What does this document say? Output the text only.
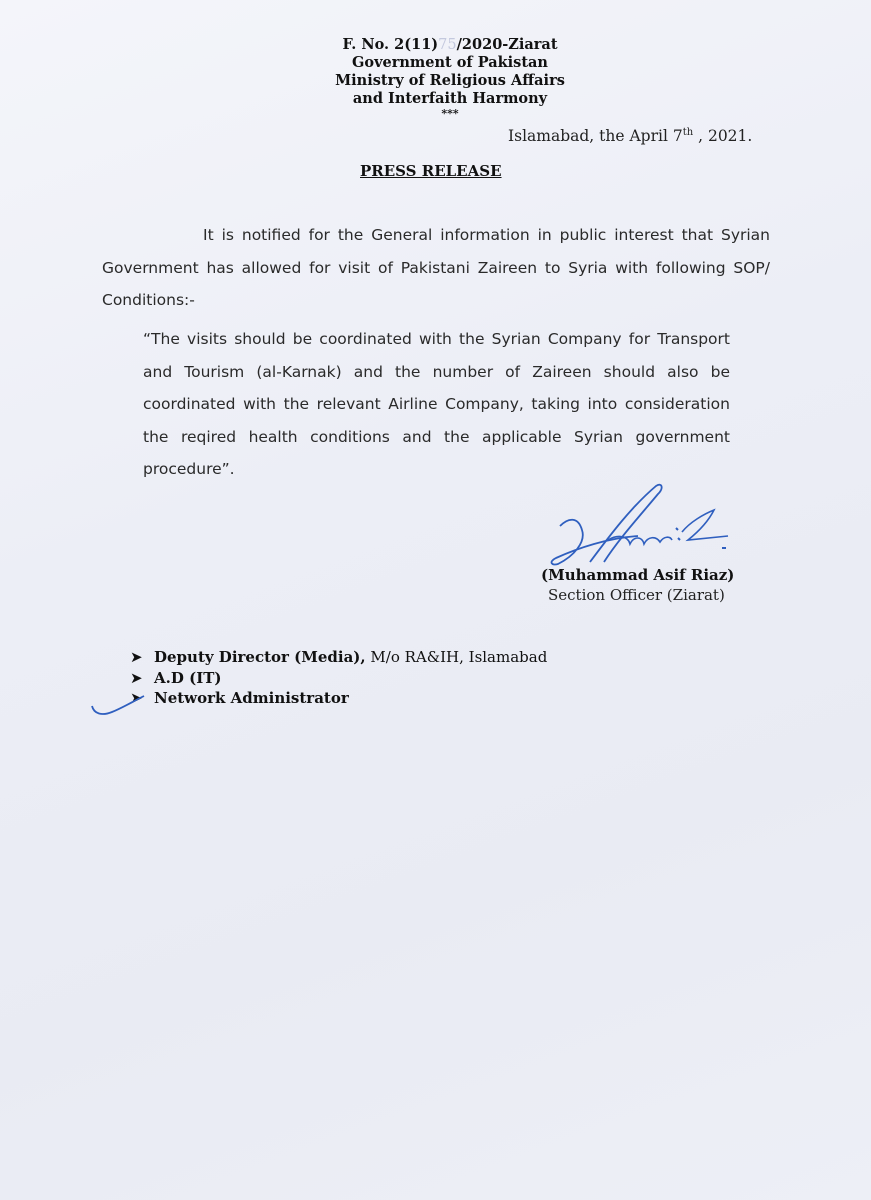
F. No. 2(11)75/2020-Ziarat
Government of Pakistan
Ministry of Religious Affairs
and Interfaith Harmony
***
Islamabad, the April 7th , 2021.
PRESS RELEASE
It is notified for the General information in public interest that Syrian Government has allowed for visit of Pakistani Zaireen to Syria with following SOP/ Conditions:-
“The visits should be coordinated with the Syrian Company for Transport and Tourism (al-Karnak) and the number of Zaireen should also be coordinated with the relevant Airline Company, taking into consideration the reqired health conditions and the applicable Syrian government procedure”.
(Muhammad Asif Riaz)
Section Officer (Ziarat)
➤ Deputy Director (Media), M/o RA&IH, Islamabad
➤ A.D (IT)
➤ Network Administrator
